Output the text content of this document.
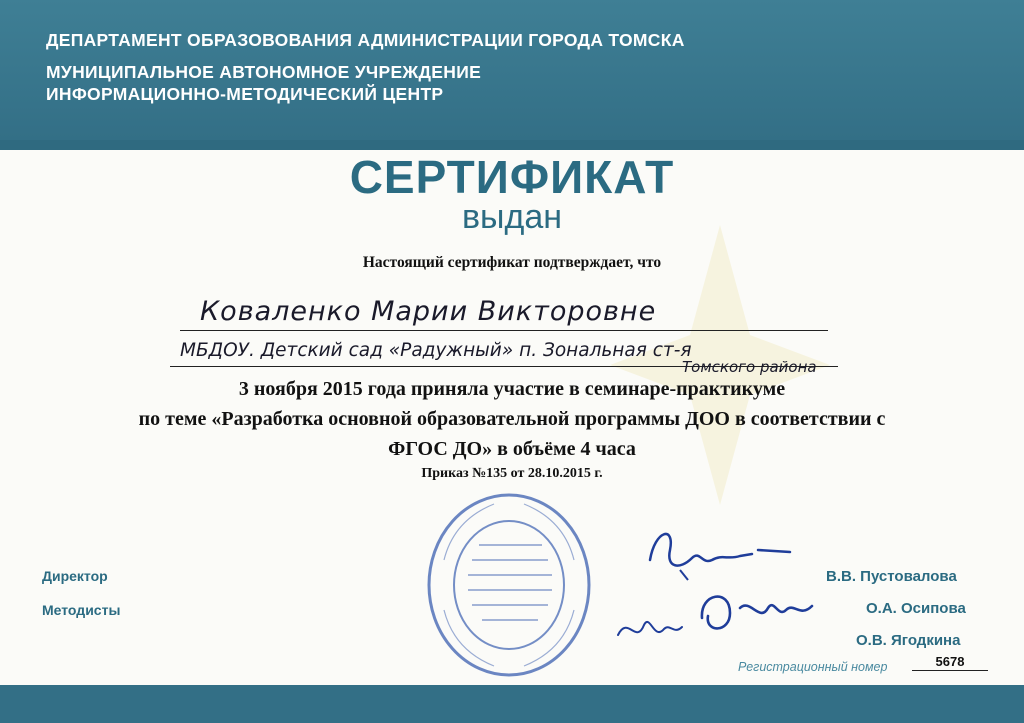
ДЕПАРТАМЕНТ ОБРАЗОВОВАНИЯ АДМИНИСТРАЦИИ ГОРОДА ТОМСКА
МУНИЦИПАЛЬНОЕ АВТОНОМНОЕ УЧРЕЖДЕНИЕ
ИНФОРМАЦИОННО-МЕТОДИЧЕСКИЙ ЦЕНТР
СЕРТИФИКАТ
выдан
Настоящий сертификат подтверждает, что
Коваленко Марии Викторовне
МБДОУ. Детский сад «Радужный» п. Зональная ст-я
Томского района
3 ноября 2015 года приняла участие в семинаре-практикуме
по теме «Разработка основной образовательной программы ДОО в соответствии с
ФГОС ДО» в объёме 4 часа
Приказ №135 от 28.10.2015 г.
Директор
Методисты
В.В. Пустовалова
О.А. Осипова
О.В. Ягодкина
Регистрационный номер	5678
